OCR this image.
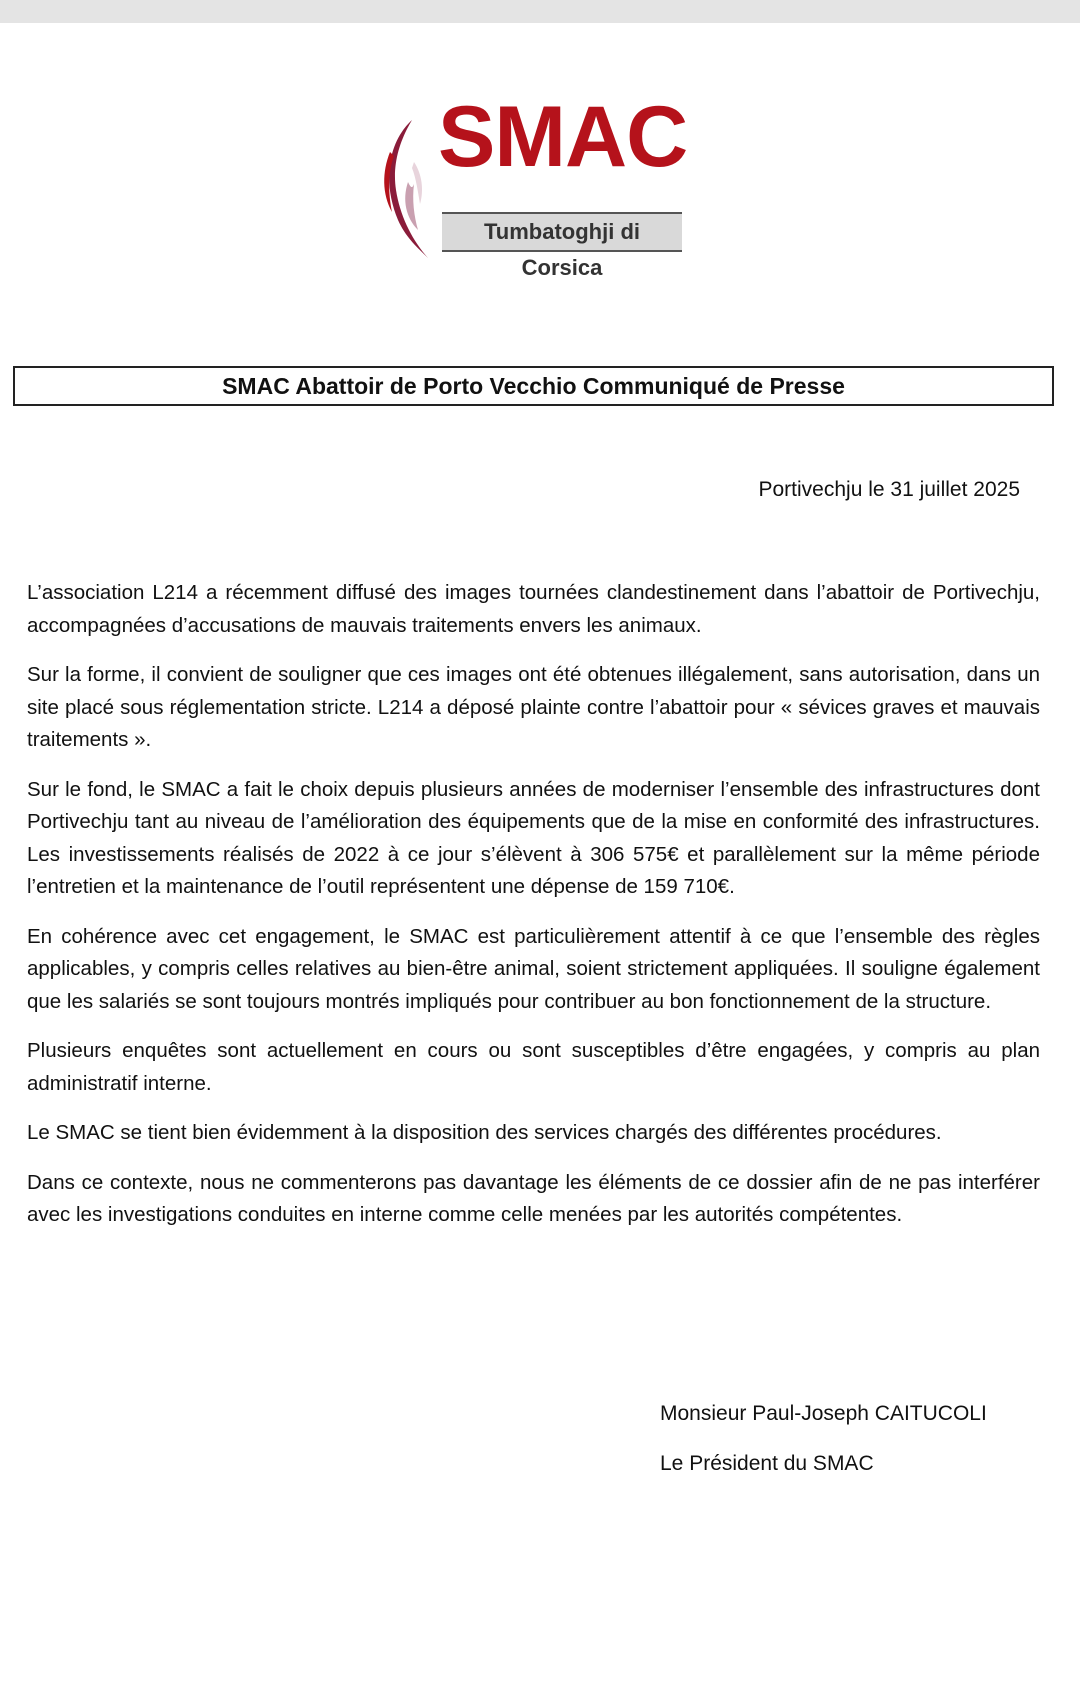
SMAC
Tumbatoghji di Corsica
SMAC Abattoir de Porto Vecchio Communiqué de Presse
Portivechju le 31 juillet 2025

L’association L214 a récemment diffusé des images tournées clandestinement dans l’abattoir de Portivechju, accompagnées d’accusations de mauvais traitements envers les animaux.

Sur la forme, il convient de souligner que ces images ont été obtenues illégalement, sans autorisation, dans un site placé sous réglementation stricte. L214 a déposé plainte contre l’abattoir pour « sévices graves et mauvais traitements ».

Sur le fond, le SMAC a fait le choix depuis plusieurs années de moderniser l’ensemble des infrastructures dont Portivechju tant au niveau de l’amélioration des équipements que de la mise en conformité des infrastructures. Les investissements réalisés de 2022 à ce jour s’élèvent à 306 575€ et parallèlement sur la même période l’entretien et la maintenance de l’outil représentent une dépense de 159 710€.

En cohérence avec cet engagement, le SMAC est particulièrement attentif à ce que l’ensemble des règles applicables, y compris celles relatives au bien-être animal, soient strictement appliquées. Il souligne également que les salariés se sont toujours montrés impliqués pour contribuer au bon fonctionnement de la structure.

Plusieurs enquêtes sont actuellement en cours ou sont susceptibles d’être engagées, y compris au plan administratif interne.

Le SMAC se tient bien évidemment à la disposition des services chargés des différentes procédures.

Dans ce contexte, nous ne commenterons pas davantage les éléments de ce dossier afin de ne pas interférer avec les investigations conduites en interne comme celle menées par les autorités compétentes.

Monsieur Paul-Joseph CAITUCOLI
Le Président du SMAC
